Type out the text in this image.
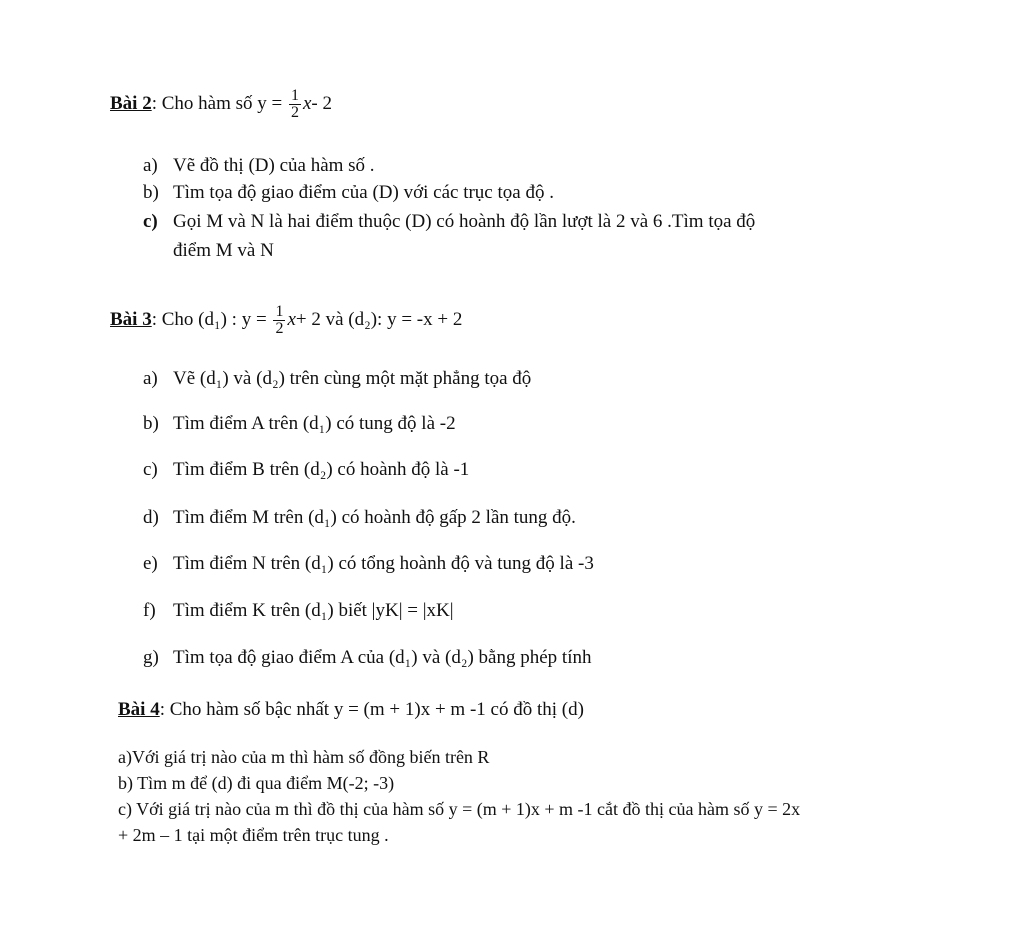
Bài 2: Cho hàm số $y = \frac{1}{2} x-$ 2
a) Vẽ đồ thị (D) của hàm số .
b) Tìm tọa độ giao điểm của (D) với các trục tọa độ .
c) Gọi M và N là hai điểm thuộc (D) có hoành độ lần lượt là 2 và 6 .Tìm tọa độ
điểm M và N
Bài 3: Cho (d₁) : $y = \frac{1}{2} x+ 2$ và (d₂): y = -x + 2
a) Vẽ (d₁) và (d₂) trên cùng một mặt phẳng tọa độ
b) Tìm điểm A trên (d₁) có tung độ là -2
c) Tìm điểm B trên (d₂) có hoành độ là -1
d) Tìm điểm M trên (d₁) có hoành độ gấp 2 lần tung độ.
e) Tìm điểm N trên (d₁) có tổng hoành độ và tung độ là -3
f) Tìm điểm K trên (d₁) biết |yK| = |xK|
g) Tìm tọa độ giao điểm A của (d₁) và (d₂) bằng phép tính
Bài 4: Cho hàm số bậc nhất y = (m + 1)x + m -1 có đồ thị (d)
a)Với giá trị nào của m thì hàm số đồng biến trên R
b) Tìm m để (d) đi qua điểm M(-2; -3)
c) Với giá trị nào của m thì đồ thị của hàm số y = (m + 1)x + m -1 cắt đồ thị của hàm số y = 2x
+ 2m – 1 tại một điểm trên trục tung .
